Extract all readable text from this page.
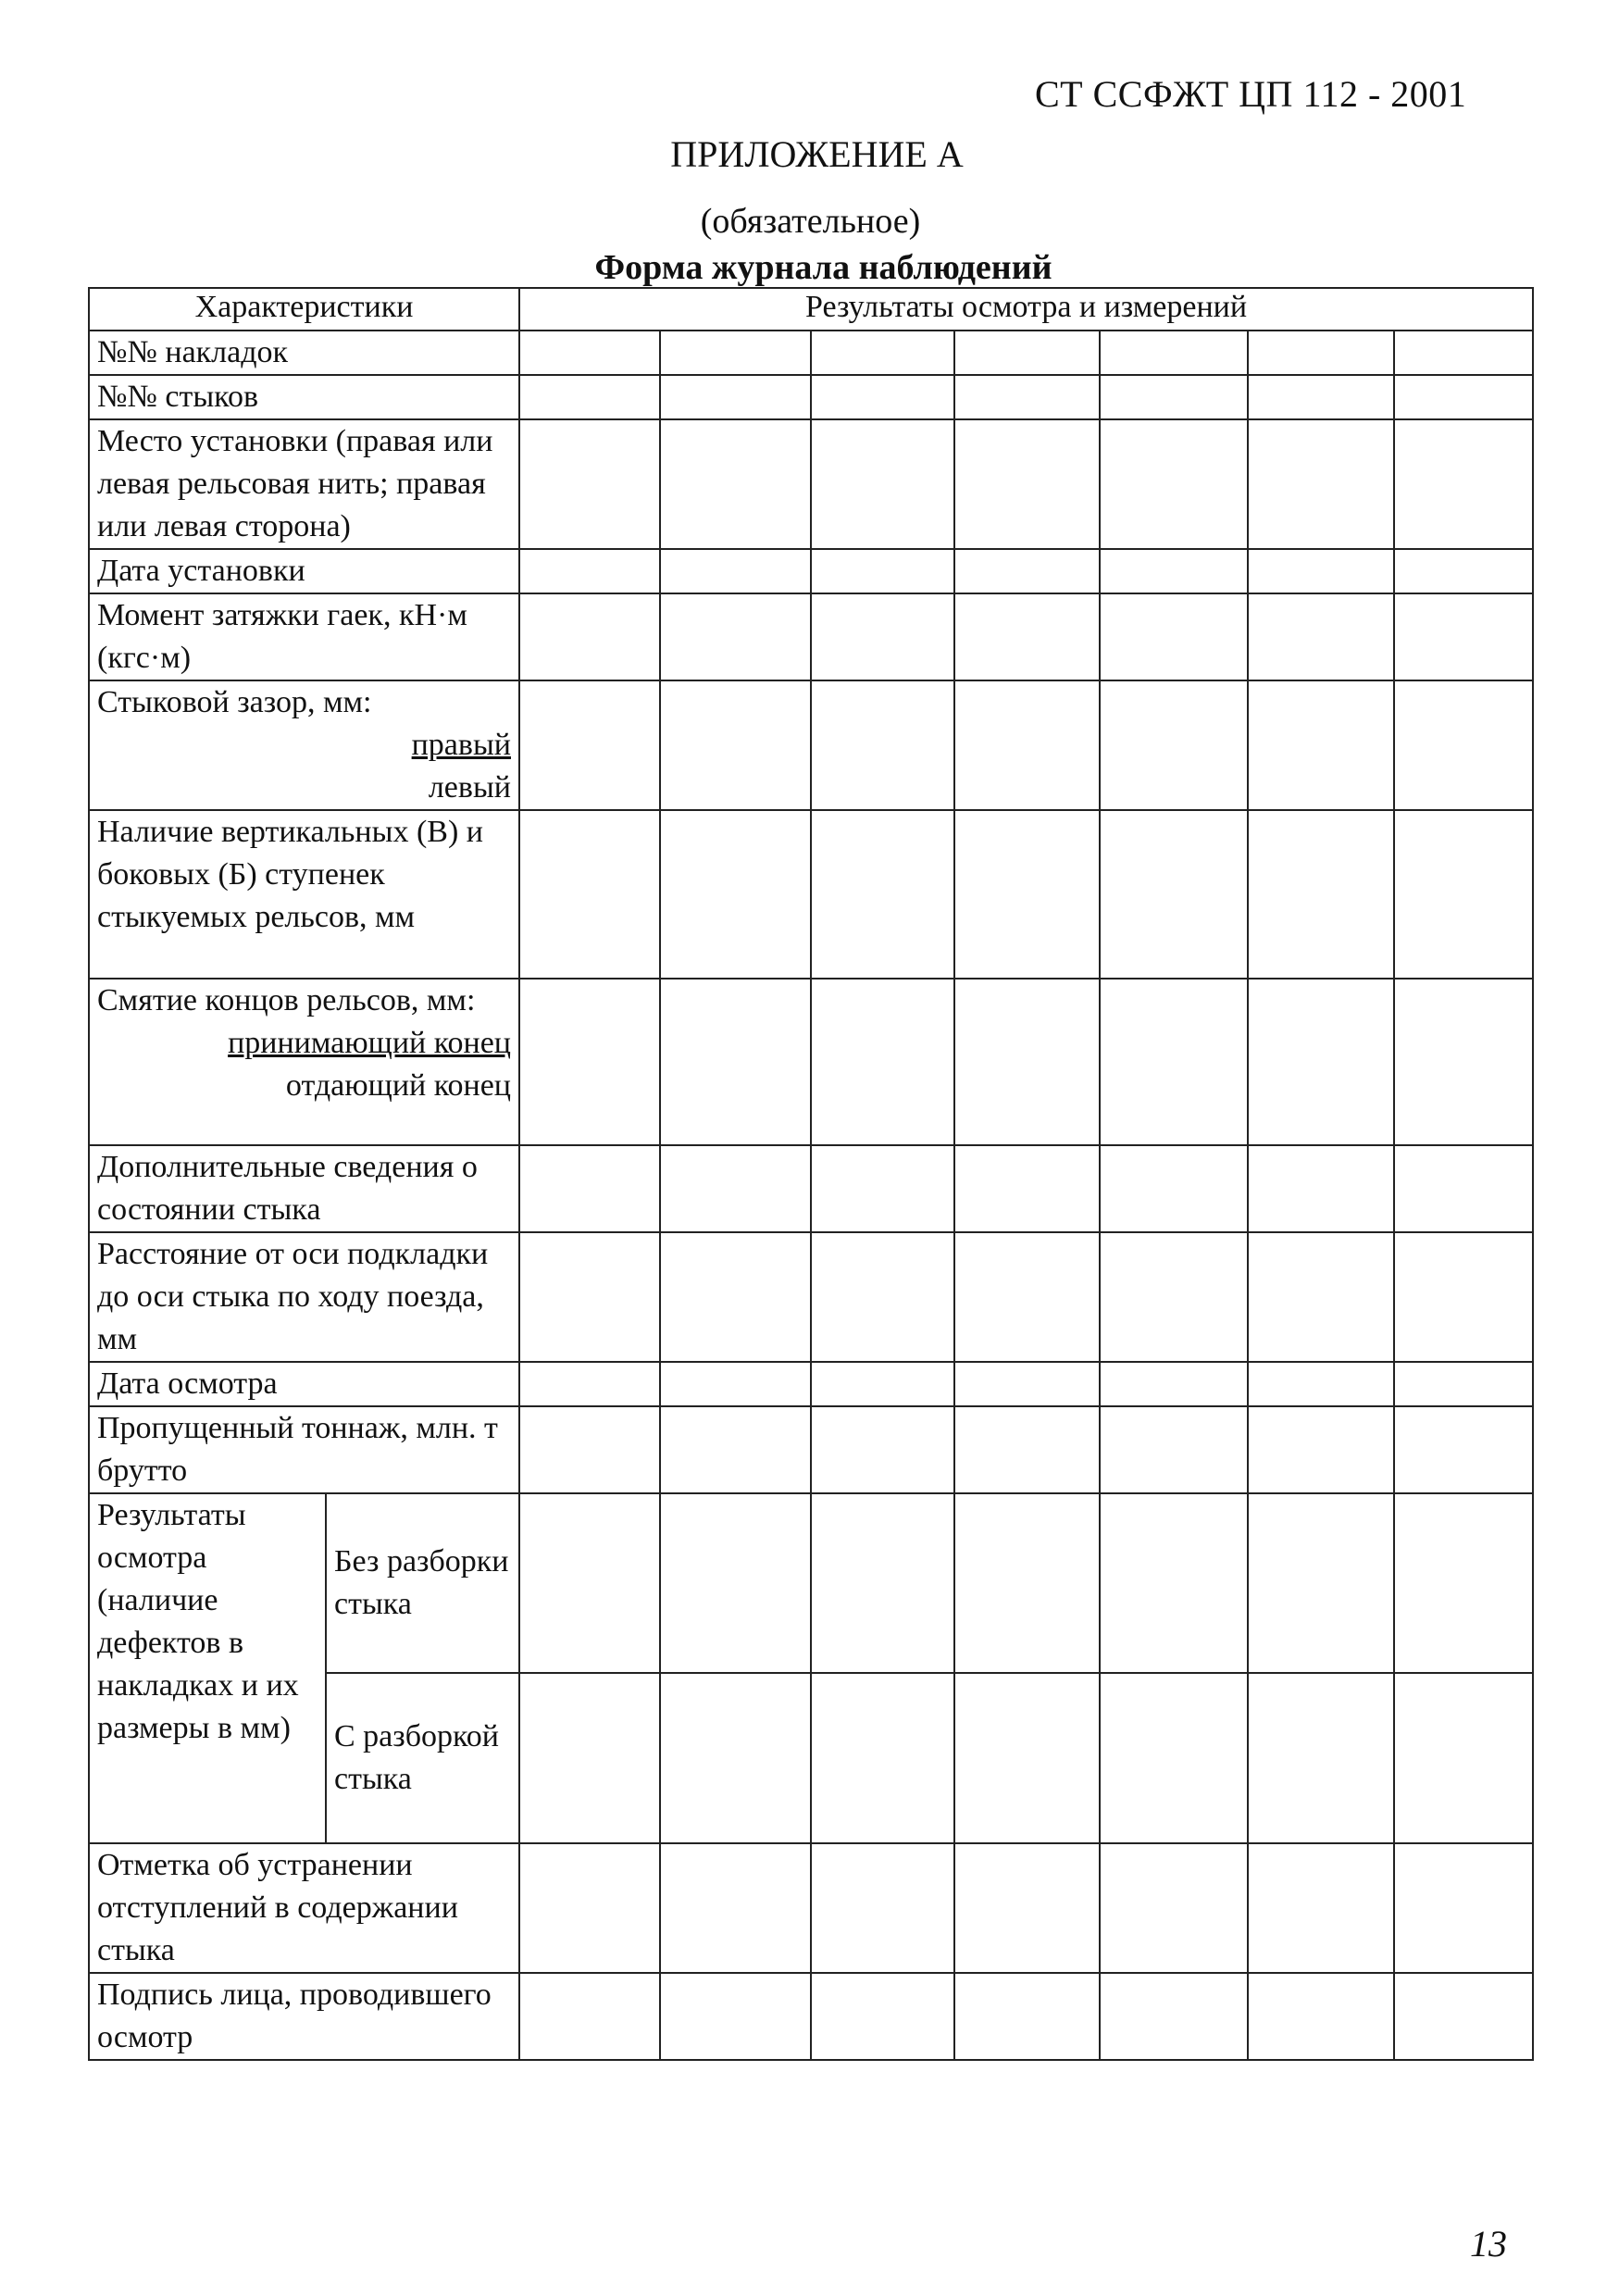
СТ ССФЖТ ЦП 112 - 2001
ПРИЛОЖЕНИЕ А
(обязательное)
Форма журнала наблюдений
Характеристики		Результаты осмотра и измерений						
№№ накладок								
№№ стыков								
Место установки (правая или левая рельсовая нить; правая или левая сторона)								
Дата установки								
Момент затяжки гаек, кН·м (кгс·м)								
Стыковой зазор, мм:
правый
левый								

Наличие вертикальных (В) и боковых (Б) ступенек стыкуемых рельсов, мм								
Смятие концов рельсов, мм:
принимающий конец
отдающий конец								

Дополнительные сведения о состоянии стыка								
Расстояние от оси подкладки до оси стыка по ходу поезда, мм								
Дата осмотра								
Пропущенный тоннаж, млн. т брутто								
Результаты осмотра (наличие дефектов в накладках и их размеры в мм)	Без разборки стыка							
	С разборкой стыка							
Отметка об устранении отступлений в содержании стыка								
Подпись лица, проводившего осмотр								
13
